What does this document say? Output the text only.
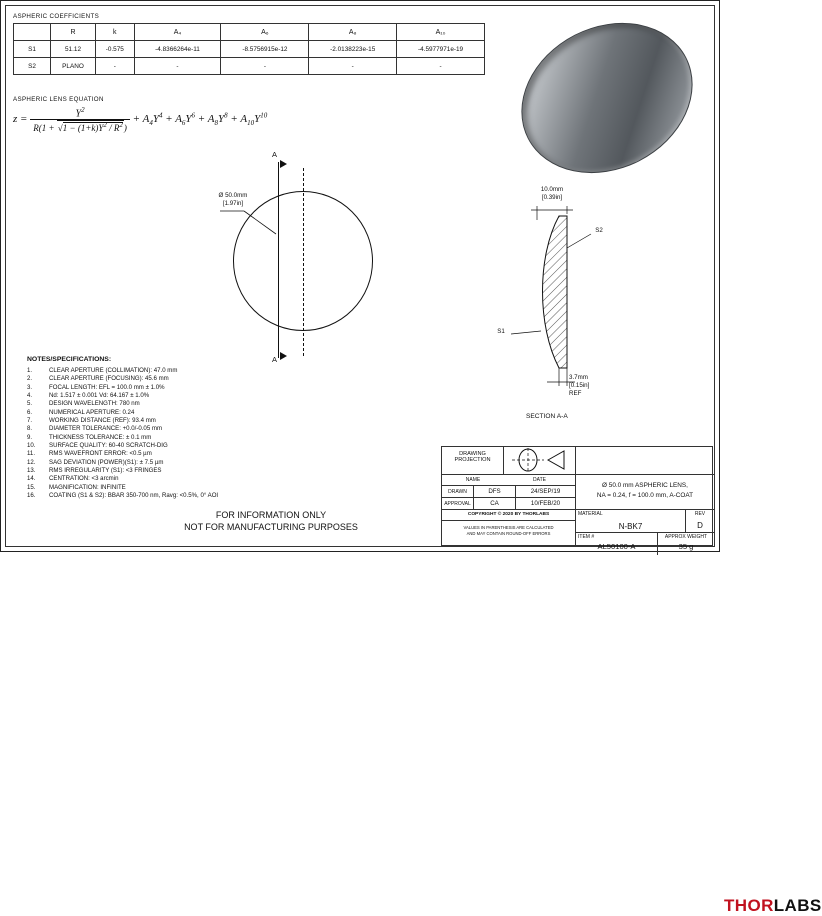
ASPHERIC COEFFICIENTS
	R	k	A₄	A₆	A₈	A₁₀
S1	51.12	-0.575	-4.8366264e-11	-8.5756915e-12	-2.0138223e-15	-4.5977971e-19
S2	PLANO	-	-	-	-	-
ASPHERIC LENS EQUATION
$z = \frac{Y^2}{R(1 + √1 - (1+k)Y^2 / R^2)} + A_4Y^4 + A_6Y^6 + A_8Y^8 + A_{10}Y^{10}$
A
A
Ø 50.0mm
[1.97in]
10.0mm
[0.39in]
3.7mm
[0.15in]
REF
S1
S2
SECTION A-A
NOTES/SPECIFICATIONS:
1.	CLEAR APERTURE (COLLIMATION): 47.0 mm
2.	CLEAR APERTURE (FOCUSING): 45.6 mm
3.	FOCAL LENGTH: EFL = 100.0 mm ± 1.0%
4.	Nd: 1.517 ± 0.001 Vd: 64.167 ± 1.0%
5.	DESIGN WAVELENGTH: 780 nm
6.	NUMERICAL APERTURE: 0.24
7.	WORKING DISTANCE (REF): 93.4 mm
8.	DIAMETER TOLERANCE: +0.0/-0.05 mm
9.	THICKNESS TOLERANCE: ± 0.1 mm
10.	SURFACE QUALITY: 60-40 SCRATCH-DIG
11.	RMS WAVEFRONT ERROR: <0.5 µm
12.	SAG DEVIATION (POWER)(S1): ± 7.5 µm
13.	RMS IRREGULARITY (S1): <3 FRINGES
14.	CENTRATION: <3 arcmin
15.	MAGNIFICATION: INFINITE
16.	COATING (S1 & S2): BBAR 350-700 nm, Ravg: <0.5%, 0° AOI
FOR INFORMATION ONLY
NOT FOR MANUFACTURING PURPOSES
DRAWING
PROJECTION
THORLABS
NAME	DATE
DRAWN	DFS	24/SEP/19
APPROVAL	CA	10/FEB/20
Ø 50.0 mm ASPHERIC LENS,
NA = 0.24, f = 100.0 mm, A-COAT
MATERIAL	REV
N-BK7	D
COPYRIGHT © 2020 BY THORLABS
VALUES IN PARENTHESIS ARE CALCULATED
AND MAY CONTAIN ROUND-OFF ERRORS
ITEM #	APPROX WEIGHT
AL50100-A	35 g
